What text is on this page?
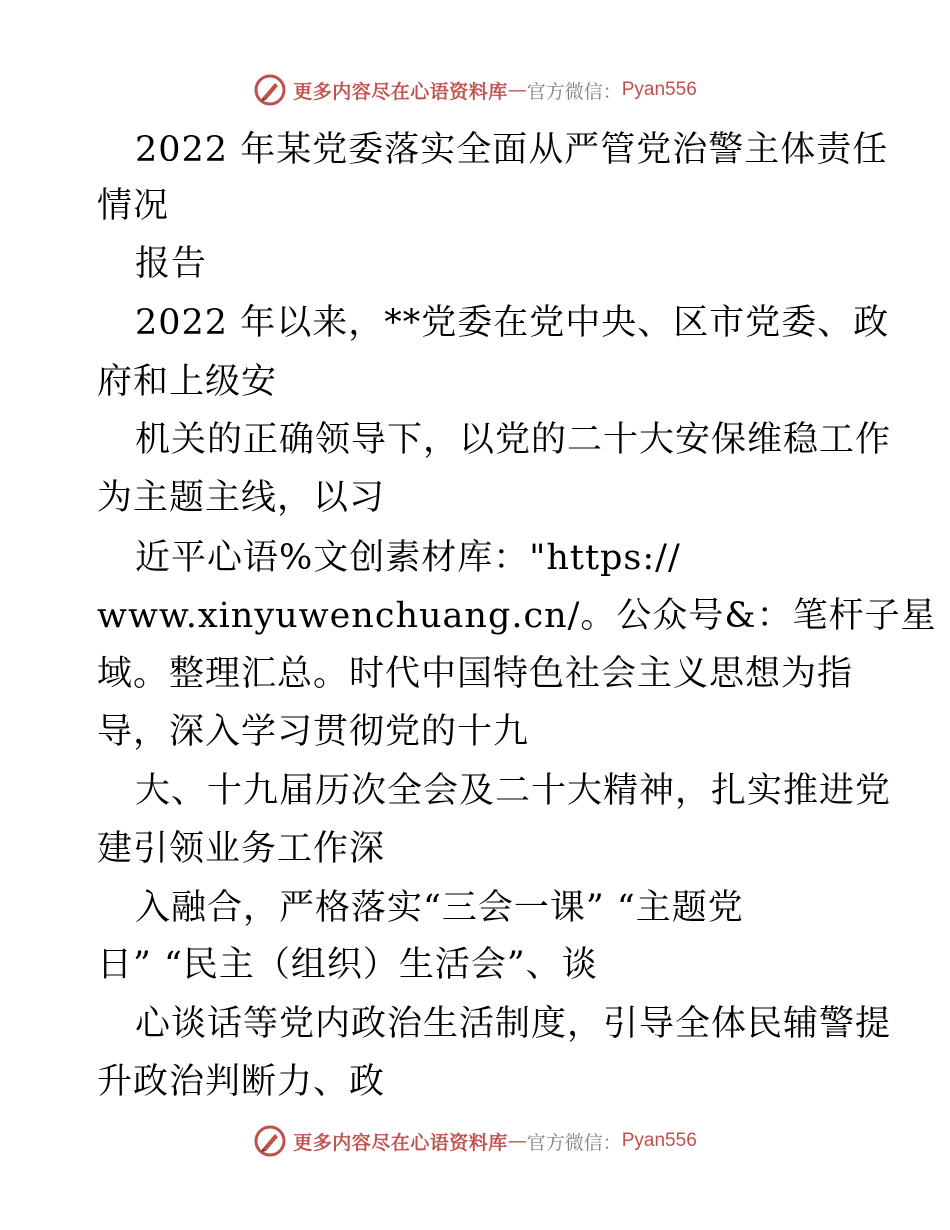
更多内容尽在心语资料库 — 官方微信： Pyan556
2022 年某党委落实全面从严管党治警主体责任
情况
报告
2022 年以来，**党委在党中央、区市党委、政
府和上级安
机关的正确领导下，以党的二十大安保维稳工作
为主题主线，以习
近平心语%文创素材库："https://
www.xinyuwenchuang.cn/。公众号&：笔杆子星
域。整理汇总。时代中国特色社会主义思想为指
导，深入学习贯彻党的十九
大、十九届历次全会及二十大精神，扎实推进党
建引领业务工作深
入融合，严格落实“三会一课” “主题党
日” “民主（组织）生活会”、谈
心谈话等党内政治生活制度，引导全体民辅警提
升政治判断力、政
更多内容尽在心语资料库 — 官方微信： Pyan556
